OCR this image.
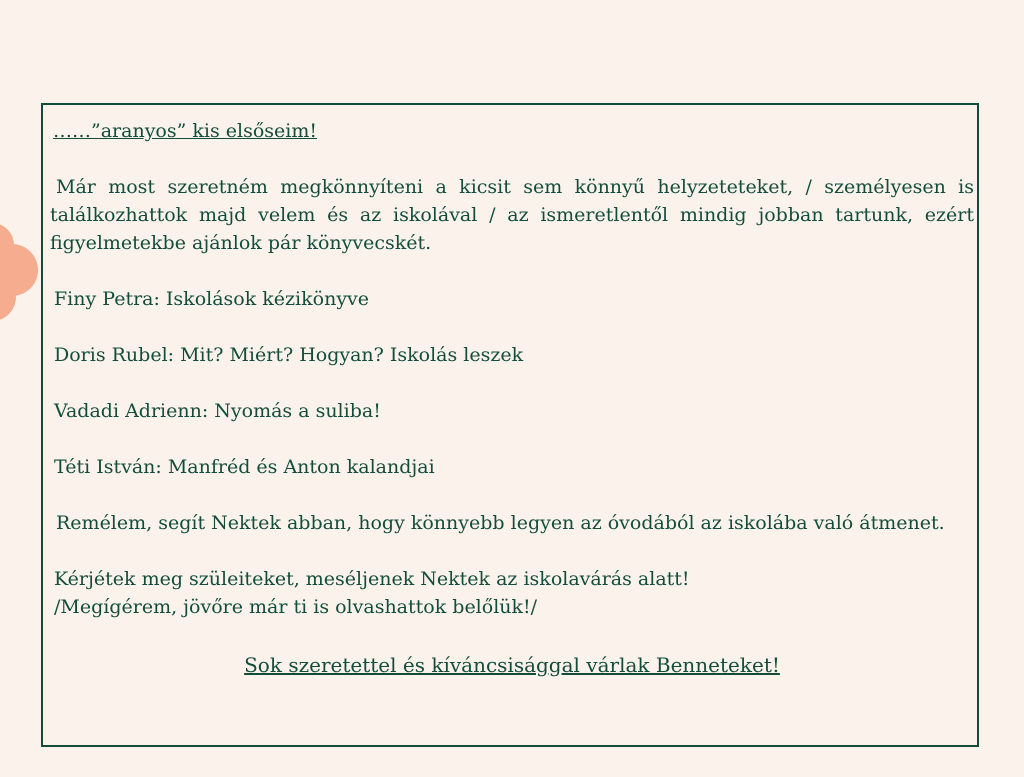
……”aranyos” kis elsőseim!

Már most szeretném megkönnyíteni a kicsit sem könnyű helyzeteteket, / személyesen is találkozhattok majd velem és az iskolával / az ismeretlentől mindig jobban tartunk, ezért figyelmetekbe ajánlok pár könyvecskét.

Finy Petra: Iskolások kézikönyve

Doris Rubel: Mit? Miért? Hogyan? Iskolás leszek

Vadadi Adrienn: Nyomás a suliba!

Téti István: Manfréd és Anton kalandjai

Remélem, segít Nektek abban, hogy könnyebb legyen az óvodából az iskolába való átmenet.

Kérjétek meg szüleiteket, meséljenek Nektek az iskolavárás alatt!

/Megígérem, jövőre már ti is olvashattok belőlük!/

Sok szeretettel és kíváncsisággal várlak Benneteket!
